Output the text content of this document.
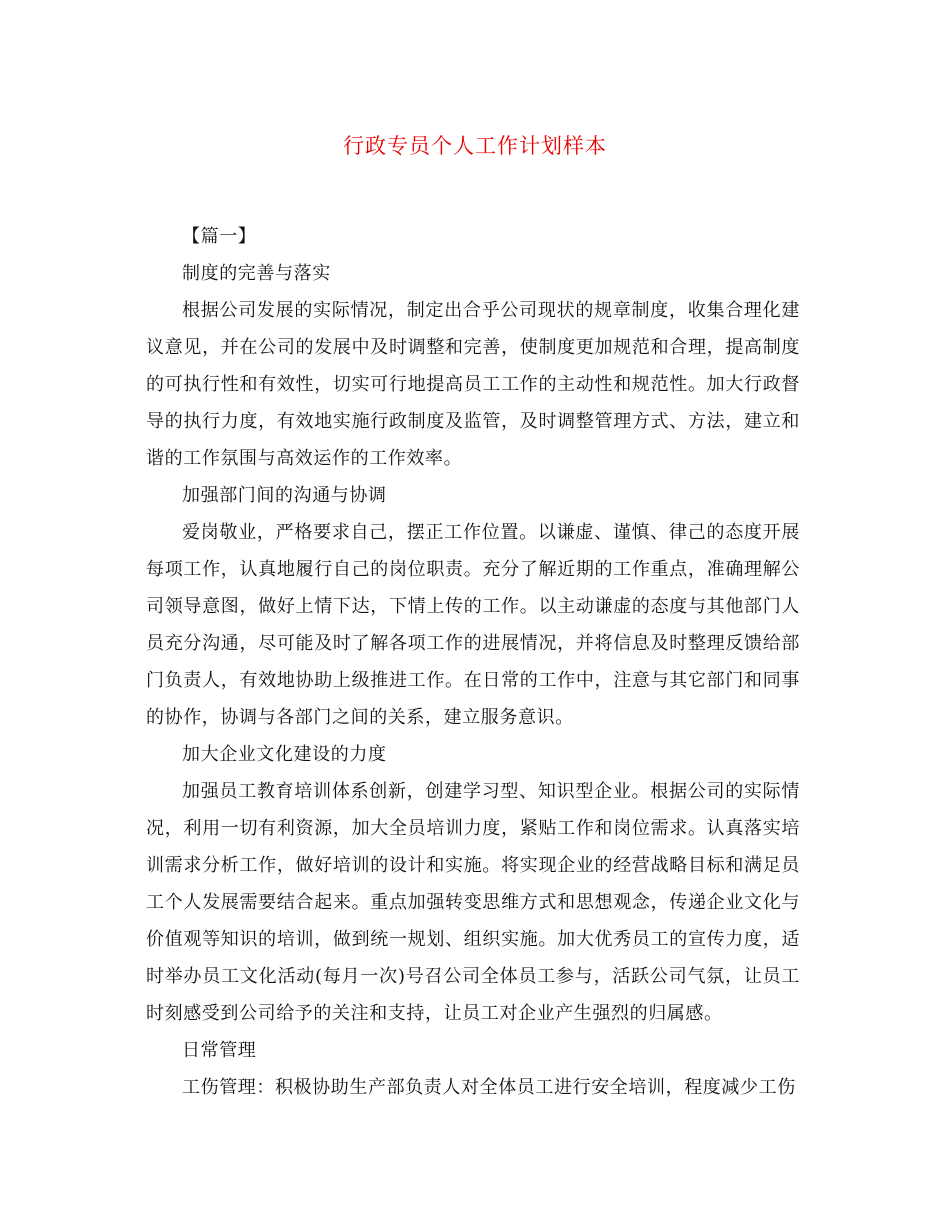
行政专员个人工作计划样本

【篇一】

制度的完善与落实

根据公司发展的实际情况，制定出合乎公司现状的规章制度，收集合理化建议意见，并在公司的发展中及时调整和完善，使制度更加规范和合理，提高制度的可执行性和有效性，切实可行地提高员工工作的主动性和规范性。加大行政督导的执行力度，有效地实施行政制度及监管，及时调整管理方式、方法，建立和谐的工作氛围与高效运作的工作效率。

加强部门间的沟通与协调

爱岗敬业，严格要求自己，摆正工作位置。以谦虚、谨慎、律己的态度开展每项工作，认真地履行自己的岗位职责。充分了解近期的工作重点，准确理解公司领导意图，做好上情下达，下情上传的工作。以主动谦虚的态度与其他部门人员充分沟通，尽可能及时了解各项工作的进展情况，并将信息及时整理反馈给部门负责人，有效地协助上级推进工作。在日常的工作中，注意与其它部门和同事的协作，协调与各部门之间的关系，建立服务意识。

加大企业文化建设的力度

加强员工教育培训体系创新，创建学习型、知识型企业。根据公司的实际情况，利用一切有利资源，加大全员培训力度，紧贴工作和岗位需求。认真落实培训需求分析工作，做好培训的设计和实施。将实现企业的经营战略目标和满足员工个人发展需要结合起来。重点加强转变思维方式和思想观念，传递企业文化与价值观等知识的培训，做到统一规划、组织实施。加大优秀员工的宣传力度，适时举办员工文化活动(每月一次)号召公司全体员工参与，活跃公司气氛，让员工时刻感受到公司给予的关注和支持，让员工对企业产生强烈的归属感。

日常管理

工伤管理：积极协助生产部负责人对全体员工进行安全培训，程度减少工伤
